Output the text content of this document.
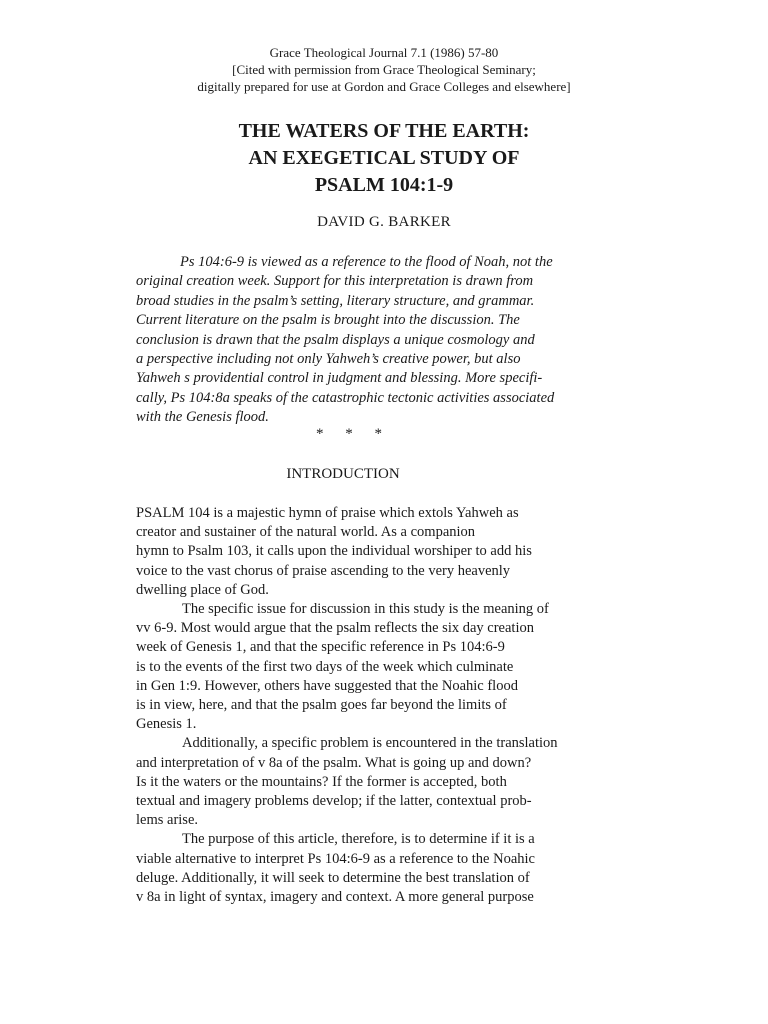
Grace Theological Journal 7.1 (1986) 57-80
[Cited with permission from Grace Theological Seminary;
digitally prepared for use at Gordon and Grace Colleges and elsewhere]
THE WATERS OF THE EARTH:
AN EXEGETICAL STUDY OF
PSALM 104:1-9
DAVID G. BARKER
Ps 104:6-9 is viewed as a reference to the flood of Noah, not the
original creation week. Support for this interpretation is drawn from
broad studies in the psalm’s setting, literary structure, and grammar.
Current literature on the psalm is brought into the discussion. The
conclusion is drawn that the psalm displays a unique cosmology and
a perspective including not only Yahweh’s creative power, but also
Yahweh s providential control in judgment and blessing. More specifi-
cally, Ps 104:8a speaks of the catastrophic tectonic activities associated
with the Genesis flood.
* * *
INTRODUCTION
PSALM 104 is a majestic hymn of praise which extols Yahweh as
creator and sustainer of the natural world. As a companion
hymn to Psalm 103, it calls upon the individual worshiper to add his
voice to the vast chorus of praise ascending to the very heavenly
dwelling place of God.
The specific issue for discussion in this study is the meaning of
vv 6-9. Most would argue that the psalm reflects the six day creation
week of Genesis 1, and that the specific reference in Ps 104:6-9
is to the events of the first two days of the week which culminate
in Gen 1:9. However, others have suggested that the Noahic flood
is in view, here, and that the psalm goes far beyond the limits of
Genesis 1.
Additionally, a specific problem is encountered in the translation
and interpretation of v 8a of the psalm. What is going up and down?
Is it the waters or the mountains? If the former is accepted, both
textual and imagery problems develop; if the latter, contextual prob-
lems arise.
The purpose of this article, therefore, is to determine if it is a
viable alternative to interpret Ps 104:6-9 as a reference to the Noahic
deluge. Additionally, it will seek to determine the best translation of
v 8a in light of syntax, imagery and context. A more general purpose
